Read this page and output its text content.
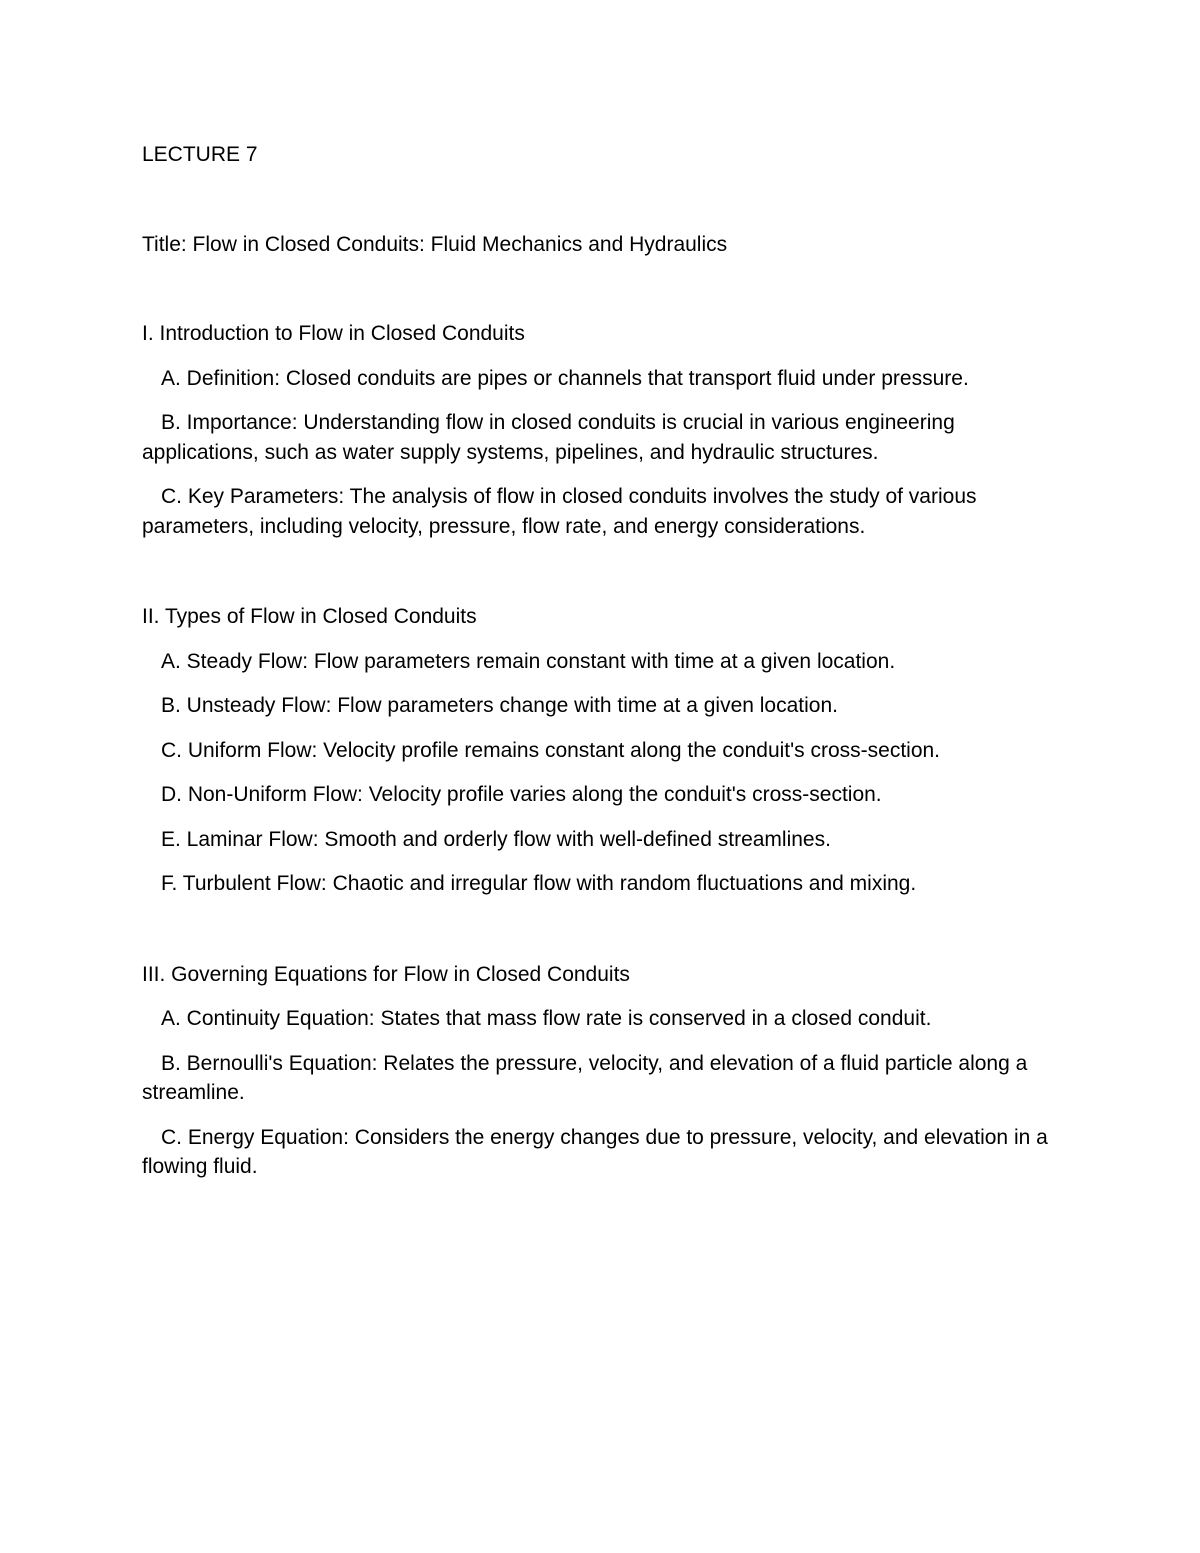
LECTURE 7

Title: Flow in Closed Conduits: Fluid Mechanics and Hydraulics

I. Introduction to Flow in Closed Conduits

A. Definition: Closed conduits are pipes or channels that transport fluid under pressure.

B. Importance: Understanding flow in closed conduits is crucial in various engineering applications, such as water supply systems, pipelines, and hydraulic structures.

C. Key Parameters: The analysis of flow in closed conduits involves the study of various parameters, including velocity, pressure, flow rate, and energy considerations.

II. Types of Flow in Closed Conduits

A. Steady Flow: Flow parameters remain constant with time at a given location.

B. Unsteady Flow: Flow parameters change with time at a given location.

C. Uniform Flow: Velocity profile remains constant along the conduit's cross-section.

D. Non-Uniform Flow: Velocity profile varies along the conduit's cross-section.

E. Laminar Flow: Smooth and orderly flow with well-defined streamlines.

F. Turbulent Flow: Chaotic and irregular flow with random fluctuations and mixing.

III. Governing Equations for Flow in Closed Conduits

A. Continuity Equation: States that mass flow rate is conserved in a closed conduit.

B. Bernoulli's Equation: Relates the pressure, velocity, and elevation of a fluid particle along a streamline.

C. Energy Equation: Considers the energy changes due to pressure, velocity, and elevation in a flowing fluid.
